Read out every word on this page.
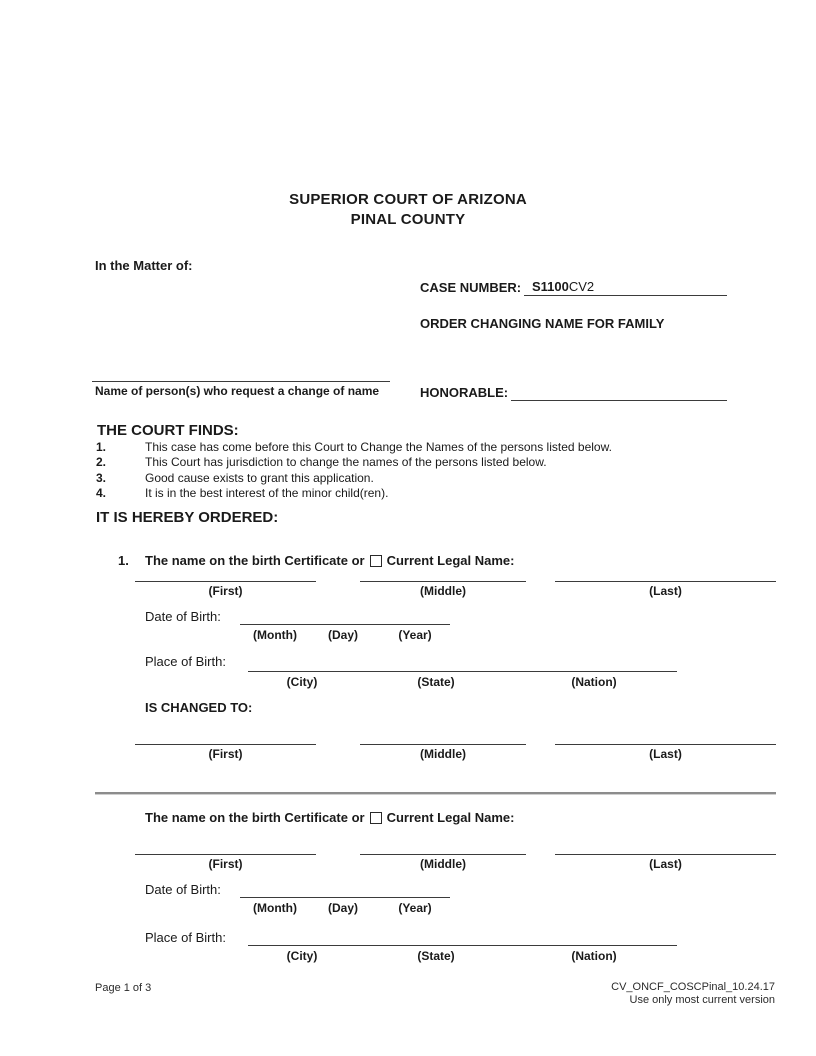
SUPERIOR COURT OF ARIZONA
PINAL COUNTY
In the Matter of:
CASE NUMBER: S1100CV2
ORDER CHANGING NAME FOR FAMILY
Name of person(s) who request a change of name	HONORABLE:
THE COURT FINDS:
1.	This case has come before this Court to Change the Names of the persons listed below.
2.	This Court has jurisdiction to change the names of the persons listed below.
3.	Good cause exists to grant this application.
4.	It is in the best interest of the minor child(ren).
IT IS HEREBY ORDERED:
1. The name on the birth Certificate or Current Legal Name:
(First)	(Middle)	(Last)
Date of Birth:
(Month)	(Day)	(Year)
Place of Birth:
(City)	(State)	(Nation)
IS CHANGED TO:
(First)	(Middle)	(Last)
The name on the birth Certificate or Current Legal Name:
(First)	(Middle)	(Last)
Date of Birth:
(Month)	(Day)	(Year)
Place of Birth:
(City)	(State)	(Nation)
Page 1 of 3	CV_ONCF_COSCPinal_10.24.17
Use only most current version
